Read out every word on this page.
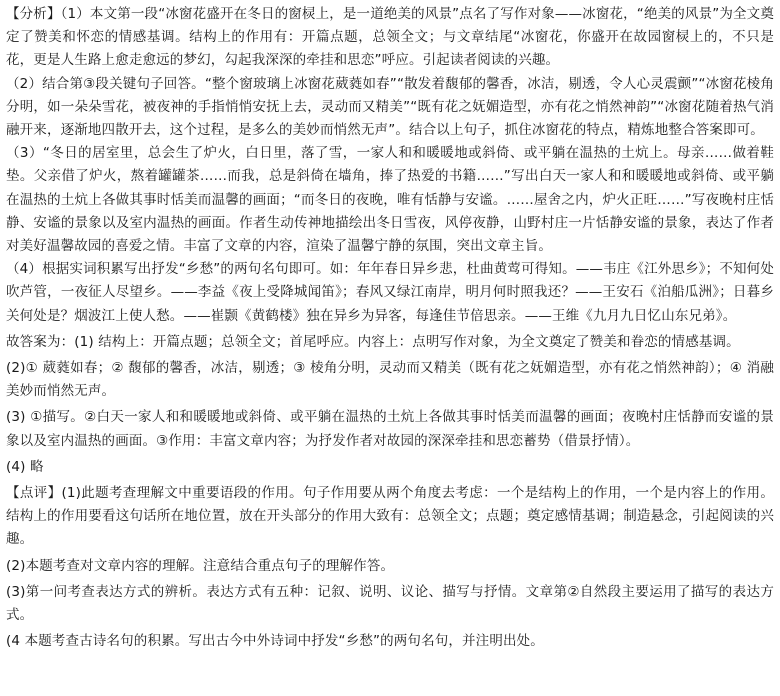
【分析】（1）本文第一段“冰窗花盛开在冬日的窗棂上，是一道绝美的风景”点名了写作对象——冰窗花，“绝美的风景”为全文奠定了赞美和怀恋的情感基调。结构上的作用有：开篇点题，总领全文；与文章结尾“冰窗花，你盛开在故园窗棂上的，不只是花，更是人生路上愈走愈远的梦幻，勾起我深深的牵挂和思恋”呼应。引起读者阅读的兴趣。

（2）结合第③段关键句子回答。“整个窗玻璃上冰窗花葳蕤如春”“散发着馥郁的馨香，冰洁，剔透，令人心灵震颤”“冰窗花棱角分明，如一朵朵雪花，被夜神的手指悄悄安抚上去，灵动而又精美”“既有花之妩媚造型，亦有花之悄然神韵”“冰窗花随着热气消融开来，逐渐地四散开去，这个过程，是多么的美妙而悄然无声”。结合以上句子，抓住冰窗花的特点，精炼地整合答案即可。

（3）“冬日的居室里，总会生了炉火，白日里，落了雪，一家人和和暖暖地或斜倚、或平躺在温热的土炕上。母亲……做着鞋垫。父亲借了炉火，熬着罐罐茶……而我，总是斜倚在墙角，捧了热爱的书籍……”写出白天一家人和和暖暖地或斜倚、或平躺在温热的土炕上各做其事时恬美而温馨的画面；“而冬日的夜晚，唯有恬静与安谧。……屋舍之内，炉火正旺……”写夜晚村庄恬静、安谧的景象以及室内温热的画面。作者生动传神地描绘出冬日雪夜，风停夜静，山野村庄一片恬静安谧的景象，表达了作者对美好温馨故园的喜爱之情。丰富了文章的内容，渲染了温馨宁静的氛围，突出文章主旨。

（4）根据实词积累写出抒发“乡愁”的两句名句即可。如：年年春日异乡悲，杜曲黄莺可得知。——韦庄《江外思乡》；不知何处吹芦管，一夜征人尽望乡。——李益《夜上受降城闻笛》；春风又绿江南岸，明月何时照我还？——王安石《泊船瓜洲》；日暮乡关何处是？烟波江上使人愁。——崔颢《黄鹤楼》独在异乡为异客，每逢佳节倍思亲。——王维《九月九日忆山东兄弟》。

故答案为：(1) 结构上：开篇点题；总领全文；首尾呼应。内容上：点明写作对象，为全文奠定了赞美和眷恋的情感基调。

(2)① 葳蕤如春；② 馥郁的馨香，冰洁，剔透；③ 棱角分明，灵动而又精美（既有花之妩媚造型，亦有花之悄然神韵）；④ 消融美妙而悄然无声。

(3) ①描写。②白天一家人和和暖暖地或斜倚、或平躺在温热的土炕上各做其事时恬美而温馨的画面；夜晚村庄恬静而安谧的景象以及室内温热的画面。③作用：丰富文章内容；为抒发作者对故园的深深牵挂和思恋蓄势（借景抒情）。

(4) 略

【点评】(1)此题考查理解文中重要语段的作用。句子作用要从两个角度去考虑：一个是结构上的作用，一个是内容上的作用。结构上的作用要看这句话所在地位置，放在开头部分的作用大致有：总领全文；点题；奠定感情基调；制造悬念，引起阅读的兴趣。

(2)本题考查对文章内容的理解。注意结合重点句子的理解作答。

(3)第一问考查表达方式的辨析。表达方式有五种：记叙、说明、议论、描写与抒情。文章第②自然段主要运用了描写的表达方式。

(4 本题考查古诗名句的积累。写出古今中外诗词中抒发“乡愁”的两句名句，并注明出处。
